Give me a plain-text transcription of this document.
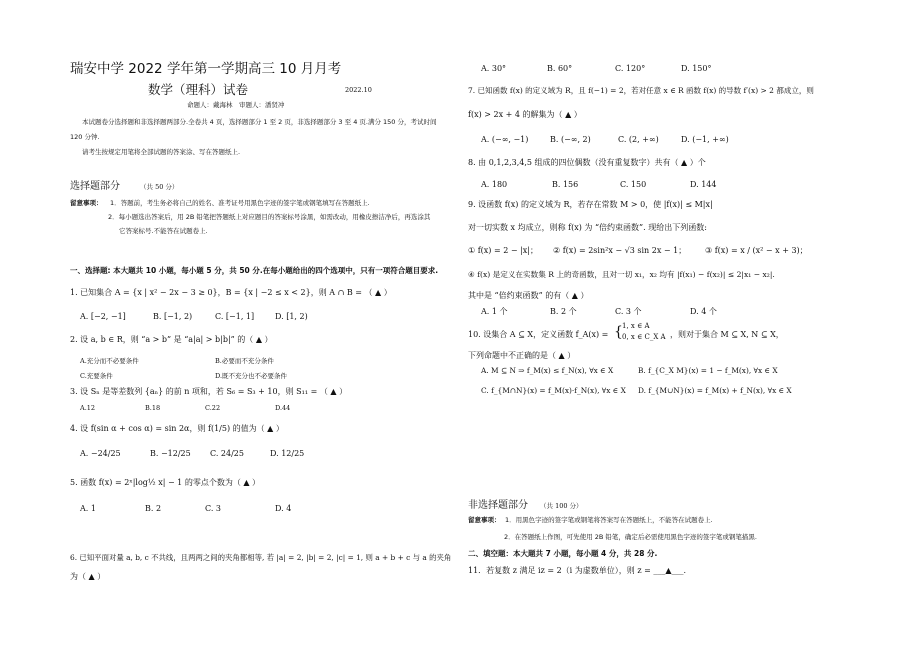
瑞安中学 2022 学年第一学期高三 10 月月考
数学（理科）试卷	2022.10
命题人：戴海林　审题人：潘贤冲
本试题卷分选择题和非选择题两部分.全卷共 4 页，选择题部分 1 至 2 页，非选择题部分 3 至 4 页.满分 150 分，考试时间
120 分钟.
请考生按规定用笔将全部试题的答案涂、写在答题纸上.
选择题部分	（共 50 分）
留意事项： 1．答题前，考生务必将自己的姓名、准考证号用黑色字迹的签字笔或钢笔填写在答题纸上.
2．每小题选出答案后，用 2B 铅笔把答题纸上对应题目的答案标号涂黑，如需改动，用橡皮擦洁净后，再选涂其
它答案标号.不能答在试题卷上.
一、选择题: 本大题共 10 小题，每小题 5 分，共 50 分.在每小题给出的四个选项中，只有一项符合题目要求.
1. 已知集合 A = {x | x² − 2x − 3 ≥ 0}，B = {x | −2 ≤ x < 2}，则 A ∩ B = （ ▲ ）
A. [−2, −1]	B. [−1, 2)	C. [−1, 1]	D. [1, 2)
2. 设 a, b ∈ R，则 “a > b” 是 “a|a| > b|b|” 的（ ▲ ）
A.充分而不必要条件	B.必要而不充分条件
C.充要条件	D.既不充分也不必要条件
3. 设 Sₙ 是等差数列 {aₙ} 的前 n 项和，若 S₆ = S₃ + 10，则 S₁₁ = （ ▲ ）
A.12	B.18	C.22	D.44
4. 设 f(sin α + cos α) = sin 2α，则 f(1/5) 的值为（ ▲ ）
A. −24/25	B. −12/25 C. 24/25	D. 12/25
5. 函数 f(x) = 2ˣ|log½ x| − 1 的零点个数为（ ▲ ）
A. 1	B. 2	C. 3	D. 4
6. 已知平面对量 a, b, c 不共线，且两两之间的夹角都相等, 若 |a| = 2, |b| = 2, |c| = 1, 则 a + b + c 与 a 的夹角
为（ ▲ ）
A. 30°	B. 60°	C. 120°	D. 150°
7. 已知函数 f(x) 的定义域为 R，且 f(−1) = 2，若对任意 x ∈ R 函数 f(x) 的导数 f′(x) > 2 都成立，则
f(x) > 2x + 4 的解集为（ ▲ ）
A. (−∞, −1)	B. (−∞, 2)	C. (2, +∞)	D. (−1, +∞)
8. 由 0,1,2,3,4,5 组成的四位偶数（没有重复数字）共有（ ▲ ）个
A. 180	B. 156	C. 150	D. 144
9. 设函数 f(x) 的定义域为 R，若存在常数 M > 0，使 |f(x)| ≤ M|x|
对一切实数 x 均成立，则称 f(x) 为 “倍约束函数”. 现给出下列函数:
① f(x) = 2 − |x|； ② f(x) = 2sin²x − √3 sin 2x − 1； ③ f(x) = x / (x² − x + 3)；
④ f(x) 是定义在实数集 R 上的奇函数，且对一切 x₁，x₂ 均有 |f(x₁) − f(x₂)| ≤ 2|x₁ − x₂|.
其中是 “倍约束函数” 的有（ ▲ ）
A. 1 个	B. 2 个	C. 3 个	D. 4 个
10. 设集合 A ⊆ X，定义函数 f_A(x) = { 1, x ∈ A
0, x ∈ C_X A ，则对于集合 M ⊆ X, N ⊆ X，
下列命题中不正确的是（ ▲ ）
A. M ⊆ N ⇒ f_M(x) ≤ f_N(x), ∀x ∈ X	B. f_{C_X M}(x) = 1 − f_M(x), ∀x ∈ X
C. f_{M∩N}(x) = f_M(x)·f_N(x), ∀x ∈ X D. f_{M∪N}(x) = f_M(x) + f_N(x), ∀x ∈ X
非选择题部分 （共 100 分）
留意事项： 1．用黑色字迹的签字笔或钢笔将答案写在答题纸上，不能答在试题卷上.
2．在答题纸上作图，可先使用 2B 铅笔，确定后必需使用黑色字迹的签字笔或钢笔描黑.
二、填空题：本大题共 7 小题，每小题 4 分，共 28 分.
11．若复数 z 满足 iz = 2（i 为虚数单位），则 z = ___▲___.
